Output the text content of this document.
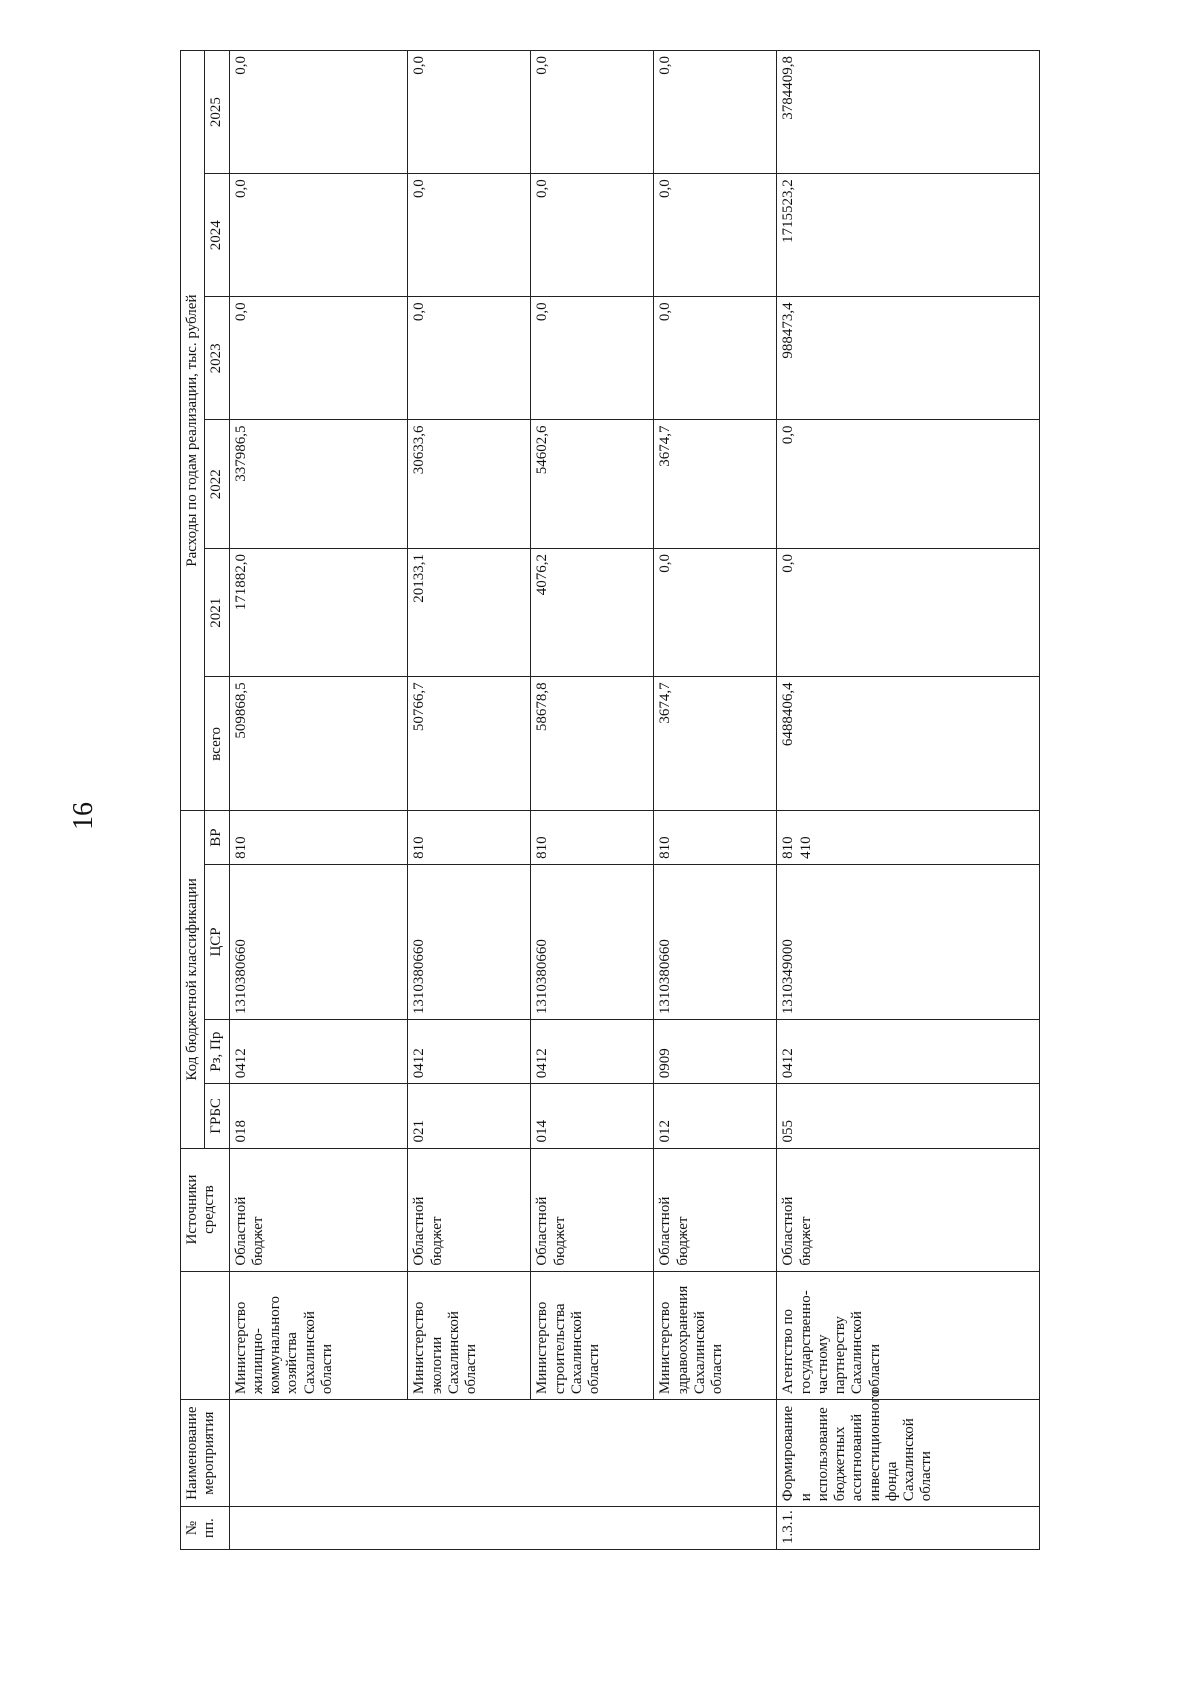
16
№ пп.	Наименование мероприятия		Источники средств	Код бюджетной классификации				Расходы по годам реализации, тыс. рублей					
				ГРБС	Рз, Пр	ЦСР	ВР	всего	2021	2022	2023	2024	2025
		Министерство жилищно-коммунального хозяйства Сахалинской области	Областной бюджет	018	0412	1310380660	810	509868,5	171882,0	337986,5	0,0	0,0	0,0
		Министерство экологии Сахалинской области	Областной бюджет	021	0412	1310380660	810	50766,7	20133,1	30633,6	0,0	0,0	0,0
		Министерство строительства Сахалинской области	Областной бюджет	014	0412	1310380660	810	58678,8	4076,2	54602,6	0,0	0,0	0,0
		Министерство здравоохранения Сахалинской области	Областной бюджет	012	0909	1310380660	810	3674,7	0,0	3674,7	0,0	0,0	0,0
1.3.1.	Формирование и использование бюджетных ассигнований инвестиционного фонда Сахалинской области	Агентство по государственно-частному партнерству Сахалинской области	Областной бюджет	055	0412	1310349000	810 410	6488406,4	0,0	0,0	988473,4	1715523,2	3784409,8
